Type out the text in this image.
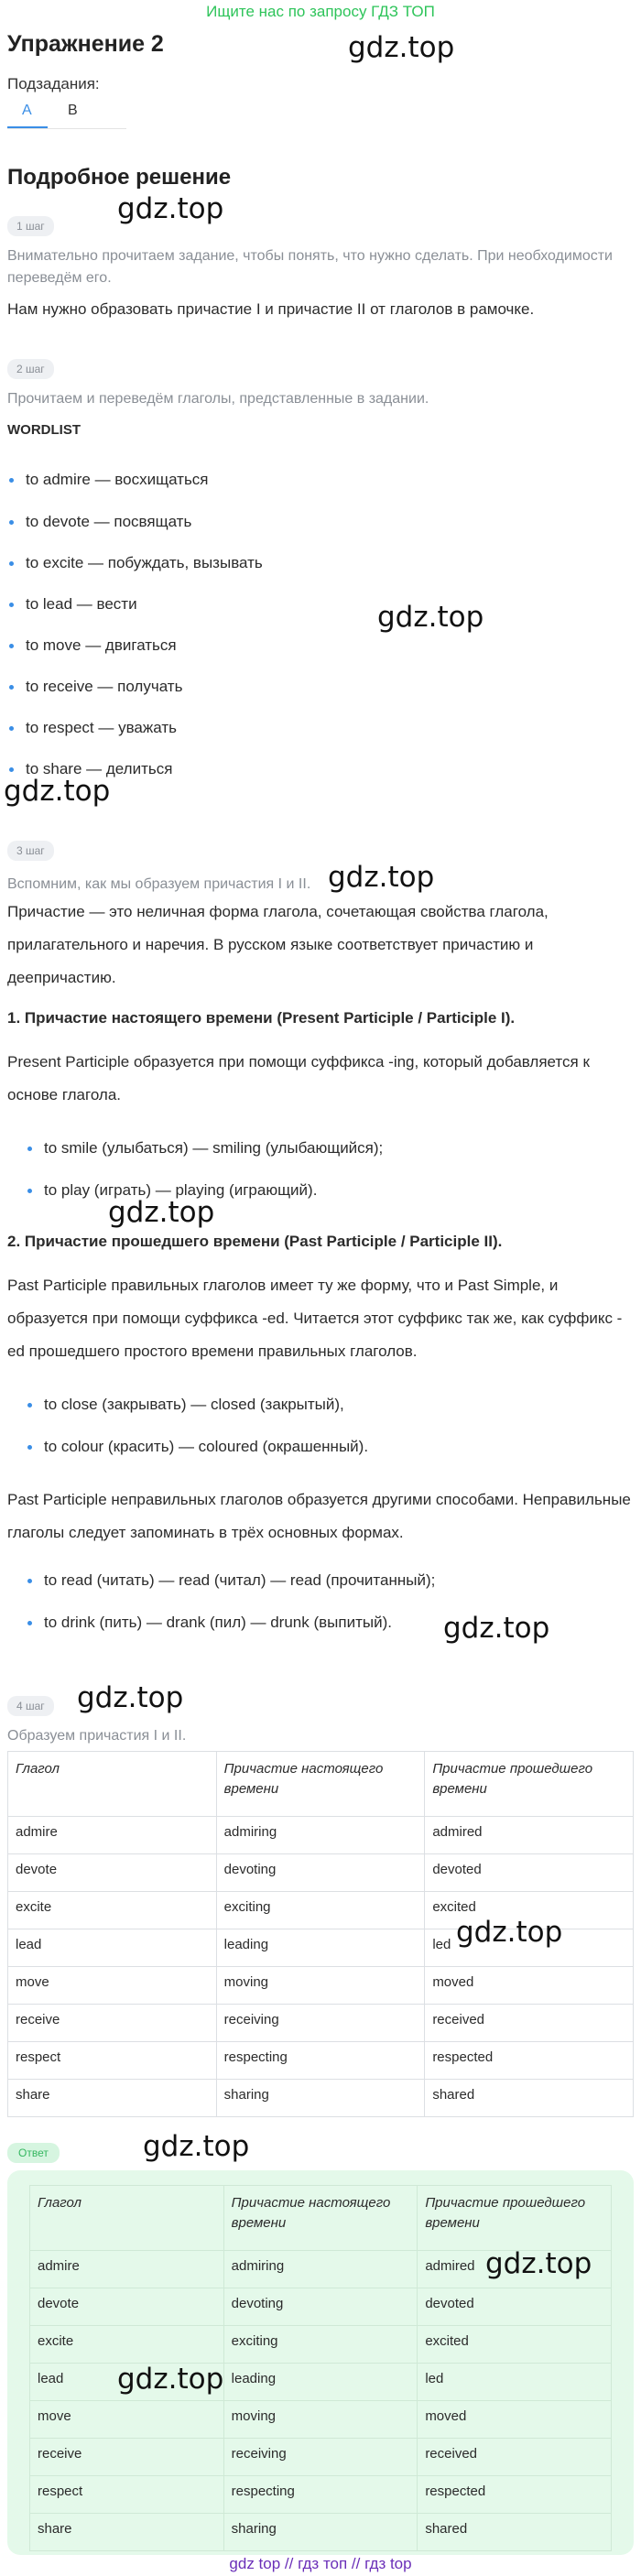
Ищите нас по запросу ГДЗ ТОП
Упражнение 2
Подзадания:
A B
Подробное решение
1 шаг
Внимательно прочитаем задание, чтобы понять, что нужно сделать. При необходимости переведём его.
Нам нужно образовать причастие I и причастие II от глаголов в рамочке.
2 шаг
Прочитаем и переведём глаголы, представленные в задании.
WORDLIST
to admire — восхищаться
to devote — посвящать
to excite — побуждать, вызывать
to lead — вести
to move — двигаться
to receive — получать
to respect — уважать
to share — делиться
3 шаг
Вспомним, как мы образуем причастия I и II.
Причастие — это неличная форма глагола, сочетающая свойства глагола, прилагательного и наречия. В русском языке соответствует причастию и деепричастию.
1. Причастие настоящего времени (Present Participle / Participle I).
Present Participle образуется при помощи суффикса -ing, который добавляется к основе глагола.
to smile (улыбаться) — smiling (улыбающийся);
to play (играть) — playing (играющий).
2. Причастие прошедшего времени (Past Participle / Participle II).
Past Participle правильных глаголов имеет ту же форму, что и Past Simple, и образуется при помощи суффикса -ed. Читается этот суффикс так же, как суффикс -ed прошедшего простого времени правильных глаголов.
to close (закрывать) — closed (закрытый),
to colour (красить) — coloured (окрашенный).
Past Participle неправильных глаголов образуется другими способами. Неправильные глаголы следует запоминать в трёх основных формах.
to read (читать) — read (читал) — read (прочитанный);
to drink (пить) — drank (пил) — drunk (выпитый).
4 шаг
Образуем причастия I и II.
Глагол	Причастие настоящего времени	Причастие прошедшего времени
admire	admiring	admired
devote	devoting	devoted
excite	exciting	excited
lead	leading	led
move	moving	moved
receive	receiving	received
respect	respecting	respected
share	sharing	shared
Ответ
Глагол	Причастие настоящего времени	Причастие прошедшего времени
admire	admiring	admired
devote	devoting	devoted
excite	exciting	excited
lead	leading	led
move	moving	moved
receive	receiving	received
respect	respecting	respected
share	sharing	shared
gdz.top
gdz.top
gdz.top
gdz.top
gdz.top
gdz.top
gdz.top
gdz.top
gdz.top
gdz.top
gdz.top
gdz.top
gdz top // гдз топ // гдз top
